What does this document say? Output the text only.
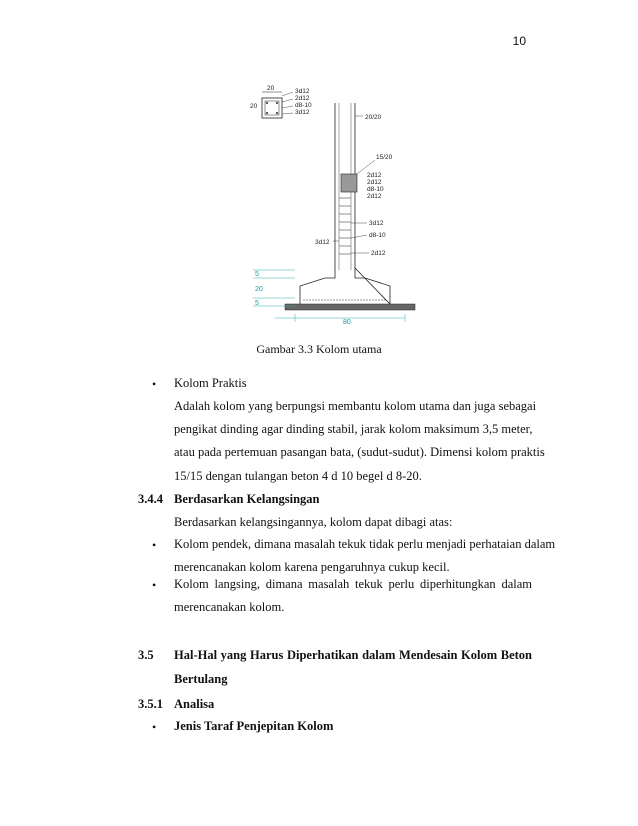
10
20
20
3d12
2d12
d8-10
3d12
20/20
15/20
2d12
2d12
d8-10
2d12
3d12
d8-10
3d12
2d12
5
20
5
80
Gambar 3.3 Kolom utama
• Kolom Praktis
Adalah kolom yang berpungsi membantu kolom utama dan juga sebagai
pengikat dinding agar dinding stabil, jarak kolom maksimum 3,5 meter,
atau pada pertemuan pasangan bata, (sudut-sudut). Dimensi kolom praktis
15/15 dengan tulangan beton 4 d 10 begel d 8-20.
3.4.4 Berdasarkan Kelangsingan
Berdasarkan kelangsingannya, kolom dapat dibagi atas:
• Kolom pendek, dimana masalah tekuk tidak perlu menjadi perhataian dalam
merencanakan kolom karena pengaruhnya cukup kecil.
• Kolom langsing, dimana masalah tekuk perlu diperhitungkan dalam
merencanakan kolom.
3.5 Hal-Hal yang Harus Diperhatikan dalam Mendesain Kolom Beton
Bertulang
3.5.1 Analisa
• Jenis Taraf Penjepitan Kolom
